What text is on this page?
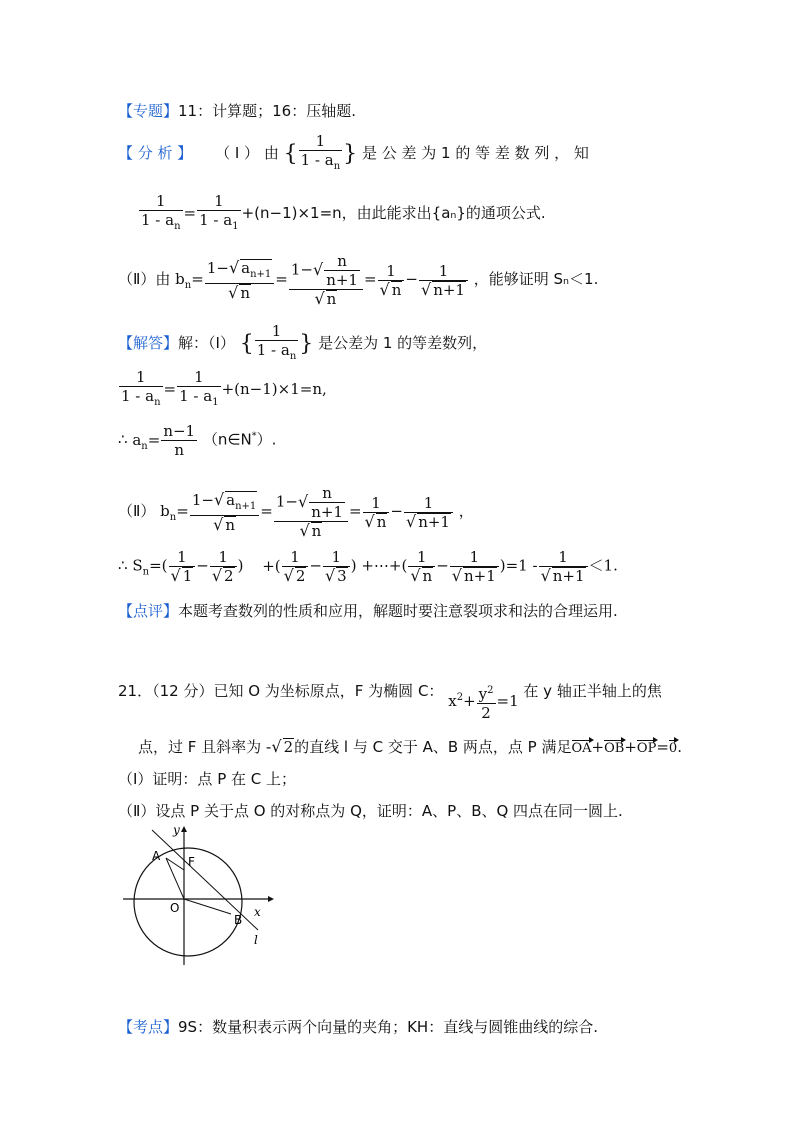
【专题】11：计算题；16：压轴题.
【 分 析 】 （ Ⅰ ） 由 { $\frac{1}{1 - a_n}$ } 是 公 差 为 1 的 等 差 数 列 ， 知
$\frac{1}{1 - a_n} = \frac{1}{1 - a_1} +(n-1)\times 1=n$，由此能求出{aₙ}的通项公式.
（Ⅱ）由 $b_n= \frac{1-√ a_{n+1}}{√ n} = \frac{1-√ \frac{n}{n+1}}{√ n} = \frac{1}{√ n} - \frac{1}{√ n+1}$ ，能够证明 Sₙ＜1.
【解答】解：（Ⅰ） { $\frac{1}{1 - a_n}$ } 是公差为 1 的等差数列，
$\frac{1}{1 - a_n} = \frac{1}{1 - a_1} +(n-1)\times 1=n$,
∴ $a_n= \frac{n-1}{n}$ （n∈N*）.
（Ⅱ） $b_n= \frac{1-√ a_{n+1}}{√ n} = \frac{1-√ \frac{n}{n+1}}{√ n} = \frac{1}{√ n} - \frac{1}{√ n+1}$ ，
∴ $S_n=( \frac{1}{√ 1} - \frac{1}{√ 2}$ ) +( $\frac{1}{√ 2} - \frac{1}{√ 3}$ ) +⋯+( $\frac{1}{√ n} - \frac{1}{√ n+1} )=1 - \frac{1}{√ n+1} <1$.
【点评】本题考查数列的性质和应用，解题时要注意裂项求和法的合理运用.
21．（12 分）已知 O 为坐标原点，F 为椭圆 C： $x^2+ \frac{y^2}{2} =1$ 在 y 轴正半轴上的焦
点，过 F 且斜率为 -√ 2的直线 l 与 C 交于 A、B 两点，点 P 满足OA+OB+OP=0.
（Ⅰ）证明：点 P 在 C 上；
（Ⅱ）设点 P 关于点 O 的对称点为 Q，证明：A、P、B、Q 四点在同一圆上.
y
A F
O
B
x
l
【考点】9S：数量积表示两个向量的夹角；KH：直线与圆锥曲线的综合.
